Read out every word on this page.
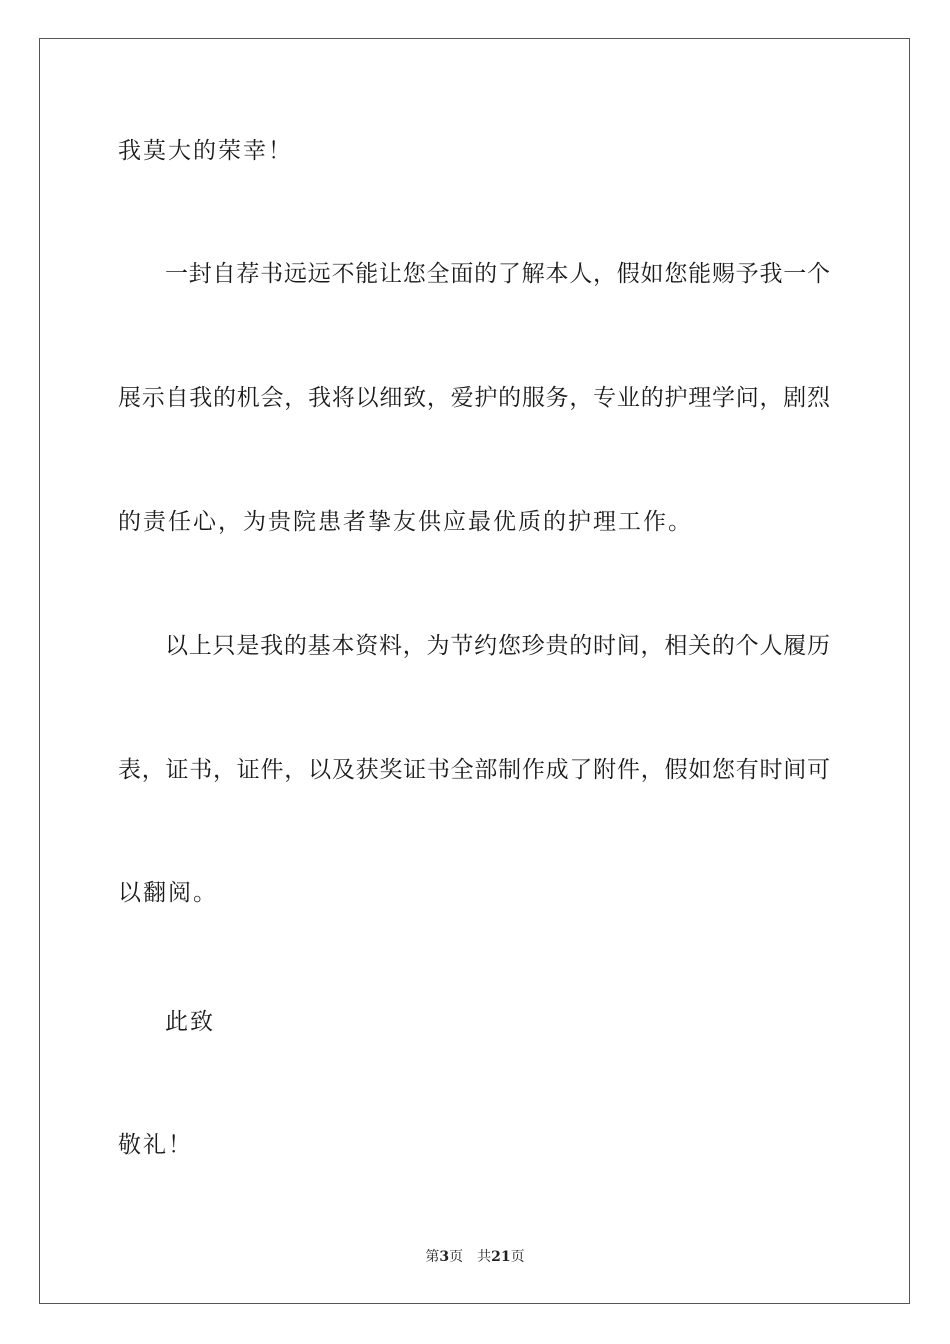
我莫大的荣幸！
一封自荐书远远不能让您全面的了解本人，假如您能赐予我一个
展示自我的机会，我将以细致，爱护的服务，专业的护理学问，剧烈
的责任心，为贵院患者挚友供应最优质的护理工作。
以上只是我的基本资料，为节约您珍贵的时间，相关的个人履历
表，证书，证件，以及获奖证书全部制作成了附件，假如您有时间可
以翻阅。
此致
敬礼！
第3页 共21页
